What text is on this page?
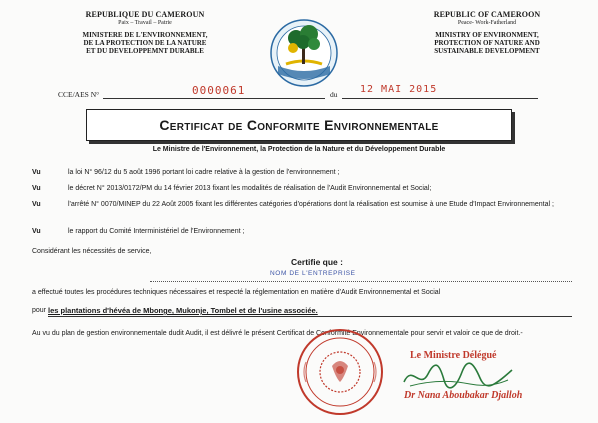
REPUBLIQUE DU CAMEROUN
Paix – Travail – Patrie
MINISTERE DE L'ENVIRONNEMENT,
DE LA PROTECTION DE LA NATURE
ET DU DEVELOPPEMNT DURABLE
REPUBLIC OF CAMEROON
Peace- Work-Fatherland
MINISTRY OF ENVIRONMENT,
PROTECTION OF NATURE AND
SUSTAINABLE DEVELOPMENT
CCE/AES N°	0000061	du 12 MAI 2015
Certificat de Conformite Environnementale
Le Ministre de l'Environnement, la Protection de la Nature et du Développement Durable
Vu	la loi N° 96/12 du 5 août 1996 portant loi cadre relative à la gestion de l'environnement ;
Vu	le décret N° 2013/0172/PM du 14 février 2013 fixant les modalités de réalisation de l'Audit Environnemental et Social;
Vu	l'arrêté N° 0070/MINEP du 22 Août 2005 fixant les différentes catégories d'opérations dont la réalisation est soumise à une Etude d'Impact Environnemental ;
Vu	le rapport du Comité Interministériel de l'Environnement ;
Considérant les nécessités de service,
Certifie que :
NOM DE L'ENTREPRISE
a effectué toutes les procédures techniques nécessaires et respecté la réglementation en matière d'Audit Environnemental et Social
pour les plantations d'hévéa de Mbonge, Mukonje, Tombel et de l'usine associée.
Au vu du plan de gestion environnementale dudit Audit, il est délivré le présent Certificat de Conformité Environnementale pour servir et valoir ce que de droit.-
Le Ministre Délégué
Dr Nana Aboubakar Djalloh
